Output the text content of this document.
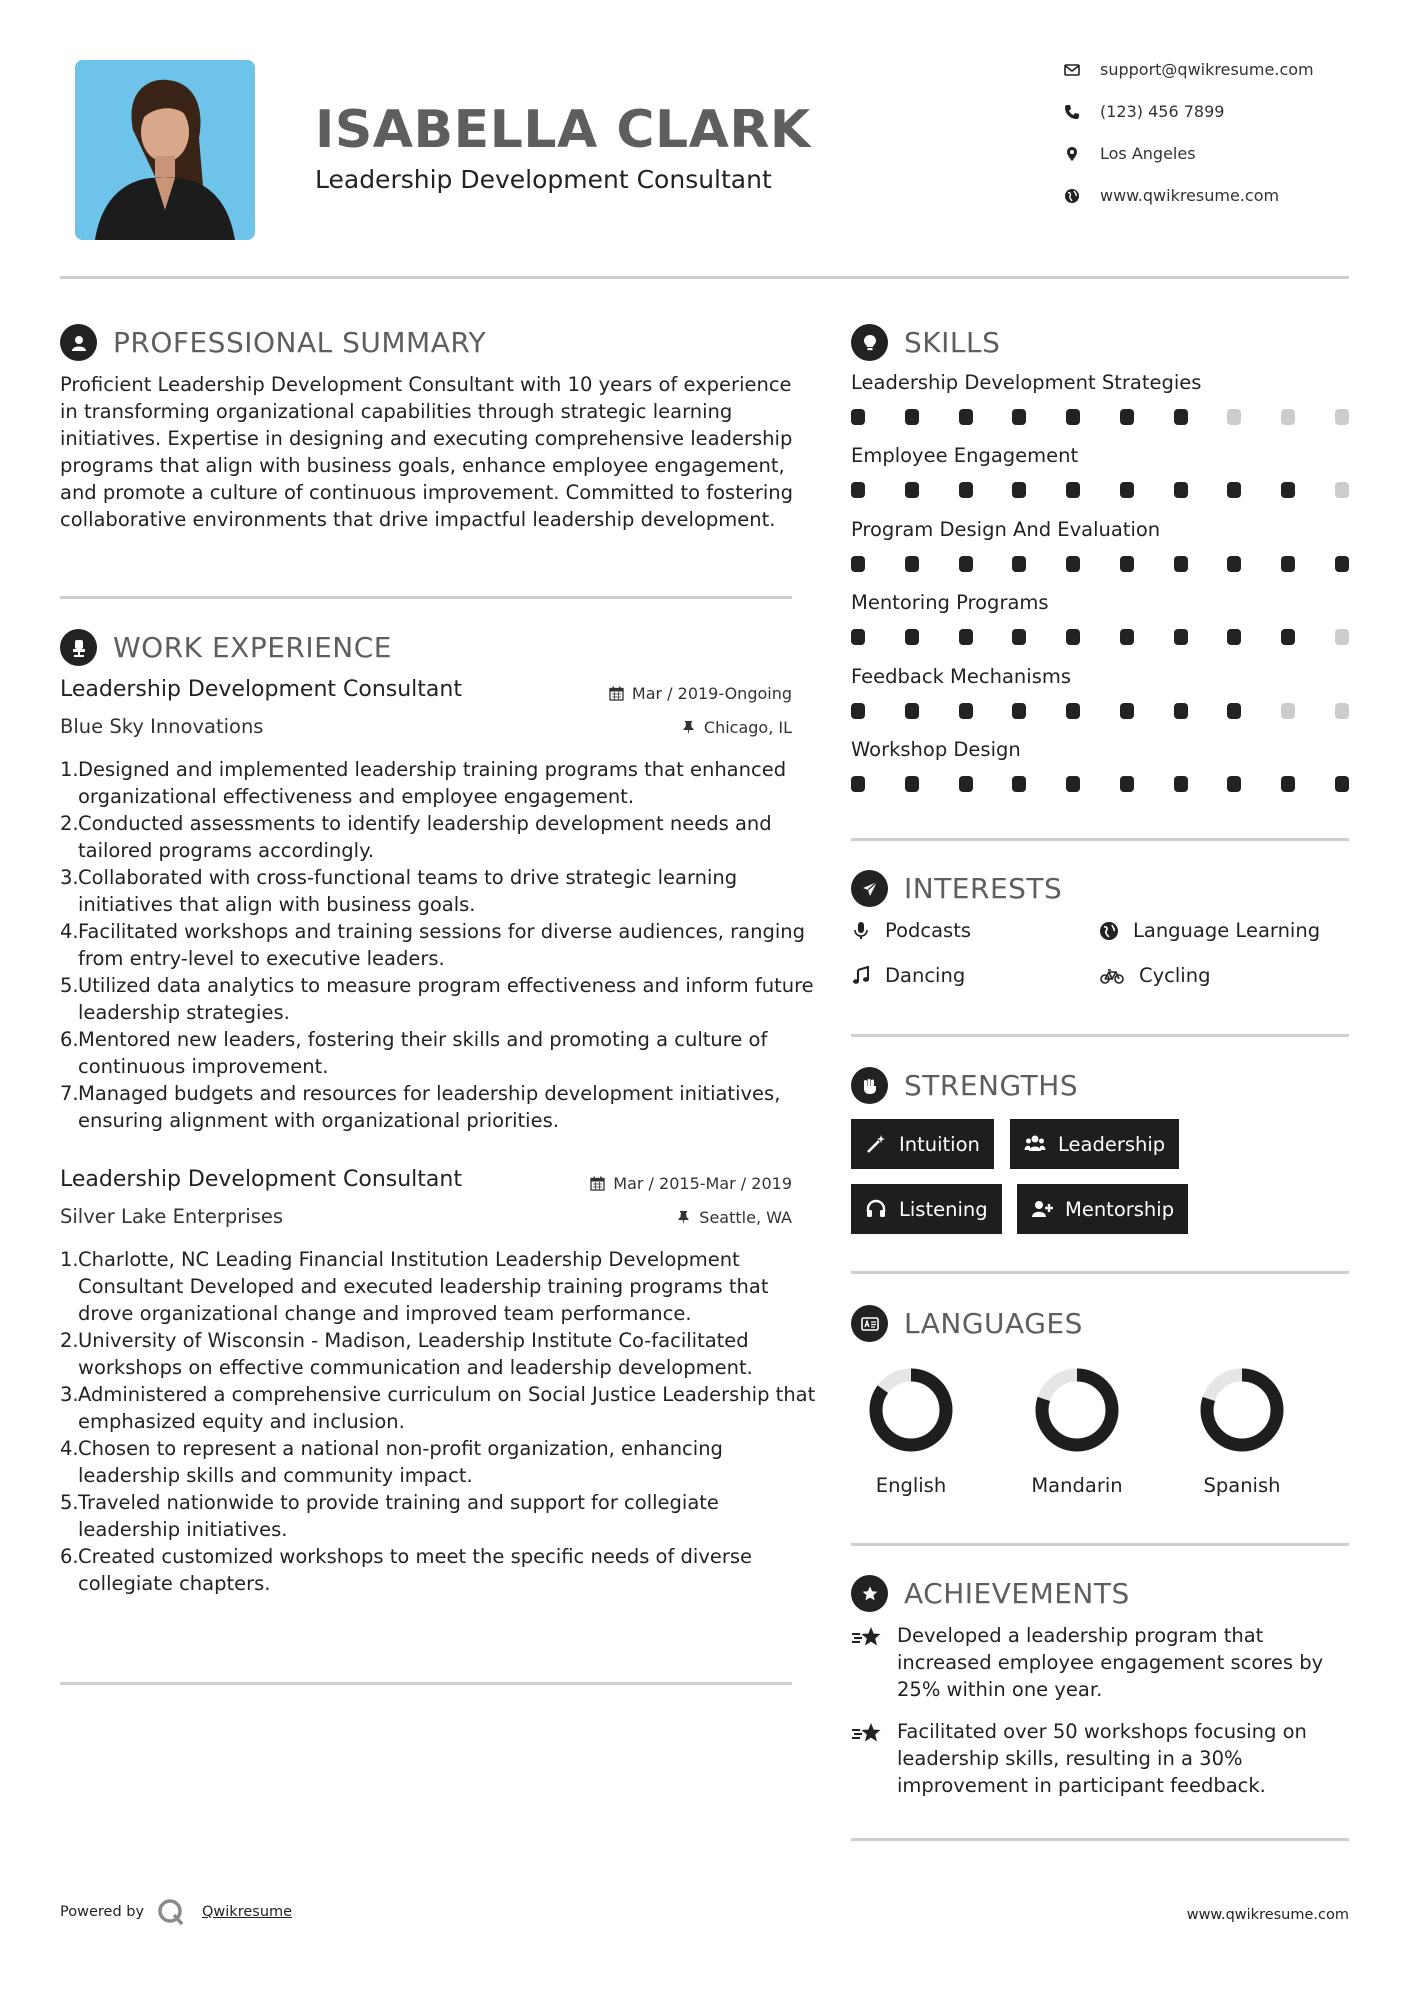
ISABELLA CLARK
Leadership Development Consultant
support@qwikresume.com
(123) 456 7899
Los Angeles
www.qwikresume.com
PROFESSIONAL SUMMARY
Proficient Leadership Development Consultant with 10 years of experience in transforming organizational capabilities through strategic learning initiatives. Expertise in designing and executing comprehensive leadership programs that align with business goals, enhance employee engagement, and promote a culture of continuous improvement. Committed to fostering collaborative environments that drive impactful leadership development.
WORK EXPERIENCE
Leadership Development Consultant	Mar / 2019-Ongoing
Blue Sky Innovations	Chicago, IL
Designed and implemented leadership training programs that enhanced organizational effectiveness and employee engagement.
Conducted assessments to identify leadership development needs and tailored programs accordingly.
Collaborated with cross-functional teams to drive strategic learning initiatives that align with business goals.
Facilitated workshops and training sessions for diverse audiences, ranging from entry-level to executive leaders.
Utilized data analytics to measure program effectiveness and inform future leadership strategies.
Mentored new leaders, fostering their skills and promoting a culture of continuous improvement.
Managed budgets and resources for leadership development initiatives, ensuring alignment with organizational priorities.
Leadership Development Consultant	Mar / 2015-Mar / 2019
Silver Lake Enterprises	Seattle, WA
Charlotte, NC Leading Financial Institution Leadership Development Consultant Developed and executed leadership training programs that drove organizational change and improved team performance.
University of Wisconsin - Madison, Leadership Institute Co-facilitated workshops on effective communication and leadership development.
Administered a comprehensive curriculum on Social Justice Leadership that emphasized equity and inclusion.
Chosen to represent a national non-profit organization, enhancing leadership skills and community impact.
Traveled nationwide to provide training and support for collegiate leadership initiatives.
Created customized workshops to meet the specific needs of diverse collegiate chapters.
SKILLS
Leadership Development Strategies
Employee Engagement
Program Design And Evaluation
Mentoring Programs
Feedback Mechanisms
Workshop Design
INTERESTS
Podcasts	Language Learning
Dancing	Cycling
STRENGTHS
Intuition	Leadership
Listening	Mentorship
LANGUAGES
English	Mandarin	Spanish
ACHIEVEMENTS
Developed a leadership program that increased employee engagement scores by 25% within one year.
Facilitated over 50 workshops focusing on leadership skills, resulting in a 30% improvement in participant feedback.
Powered by	Qwikresume	www.qwikresume.com
